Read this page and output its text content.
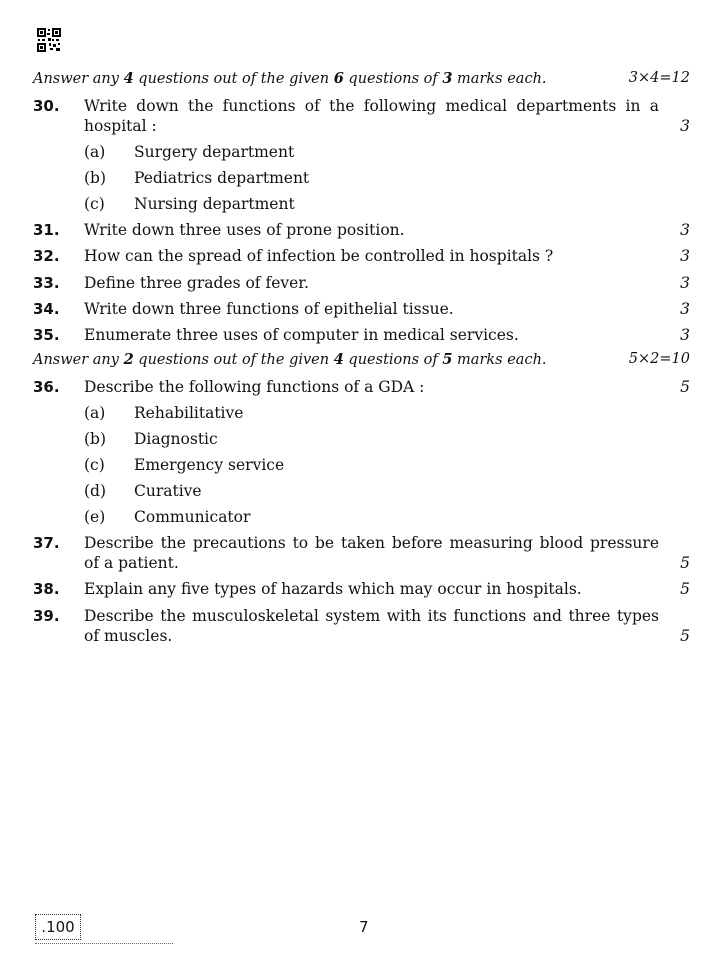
Answer any 4 questions out of the given 6 questions of 3 marks each.	3×4=12
30. Write down the functions of the following medical departments in a hospital :	3
(a) Surgery department
(b) Pediatrics department
(c) Nursing department
31. Write down three uses of prone position.	3
32. How can the spread of infection be controlled in hospitals ?	3
33. Define three grades of fever.	3
34. Write down three functions of epithelial tissue.	3
35. Enumerate three uses of computer in medical services.	3
Answer any 2 questions out of the given 4 questions of 5 marks each.	5×2=10
36. Describe the following functions of a GDA :	5
(a) Rehabilitative
(b) Diagnostic
(c) Emergency service
(d) Curative
(e) Communicator
37. Describe the precautions to be taken before measuring blood pressure of a patient.	5
38. Explain any five types of hazards which may occur in hospitals.	5
39. Describe the musculoskeletal system with its functions and three types of muscles.	5
.100	7
